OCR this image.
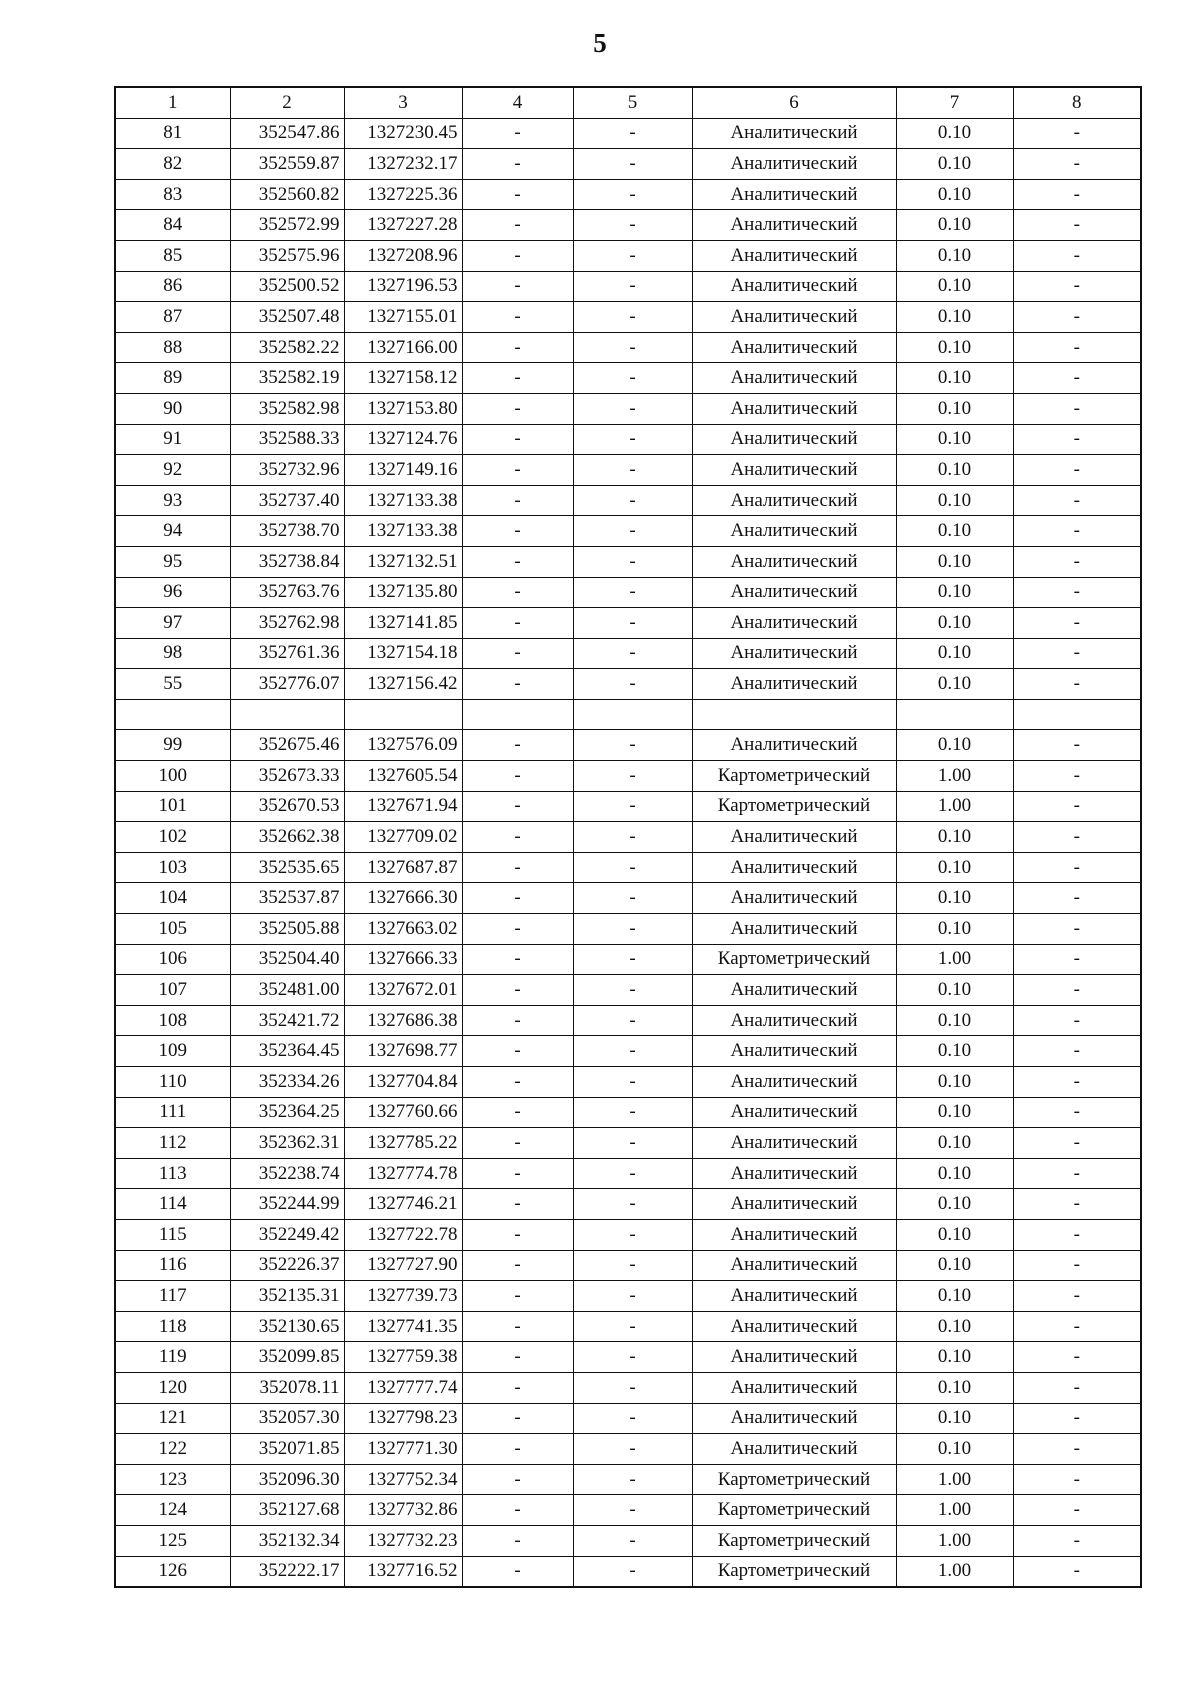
5
1	2	3	4	5	6	7	8
81	352547.86	1327230.45	-	-	Аналитический	0.10	-
82	352559.87	1327232.17	-	-	Аналитический	0.10	-
83	352560.82	1327225.36	-	-	Аналитический	0.10	-
84	352572.99	1327227.28	-	-	Аналитический	0.10	-
85	352575.96	1327208.96	-	-	Аналитический	0.10	-
86	352500.52	1327196.53	-	-	Аналитический	0.10	-
87	352507.48	1327155.01	-	-	Аналитический	0.10	-
88	352582.22	1327166.00	-	-	Аналитический	0.10	-
89	352582.19	1327158.12	-	-	Аналитический	0.10	-
90	352582.98	1327153.80	-	-	Аналитический	0.10	-
91	352588.33	1327124.76	-	-	Аналитический	0.10	-
92	352732.96	1327149.16	-	-	Аналитический	0.10	-
93	352737.40	1327133.38	-	-	Аналитический	0.10	-
94	352738.70	1327133.38	-	-	Аналитический	0.10	-
95	352738.84	1327132.51	-	-	Аналитический	0.10	-
96	352763.76	1327135.80	-	-	Аналитический	0.10	-
97	352762.98	1327141.85	-	-	Аналитический	0.10	-
98	352761.36	1327154.18	-	-	Аналитический	0.10	-
55	352776.07	1327156.42	-	-	Аналитический	0.10	-

99	352675.46	1327576.09	-	-	Аналитический	0.10	-
100	352673.33	1327605.54	-	-	Картометрический	1.00	-
101	352670.53	1327671.94	-	-	Картометрический	1.00	-
102	352662.38	1327709.02	-	-	Аналитический	0.10	-
103	352535.65	1327687.87	-	-	Аналитический	0.10	-
104	352537.87	1327666.30	-	-	Аналитический	0.10	-
105	352505.88	1327663.02	-	-	Аналитический	0.10	-
106	352504.40	1327666.33	-	-	Картометрический	1.00	-
107	352481.00	1327672.01	-	-	Аналитический	0.10	-
108	352421.72	1327686.38	-	-	Аналитический	0.10	-
109	352364.45	1327698.77	-	-	Аналитический	0.10	-
110	352334.26	1327704.84	-	-	Аналитический	0.10	-
111	352364.25	1327760.66	-	-	Аналитический	0.10	-
112	352362.31	1327785.22	-	-	Аналитический	0.10	-
113	352238.74	1327774.78	-	-	Аналитический	0.10	-
114	352244.99	1327746.21	-	-	Аналитический	0.10	-
115	352249.42	1327722.78	-	-	Аналитический	0.10	-
116	352226.37	1327727.90	-	-	Аналитический	0.10	-
117	352135.31	1327739.73	-	-	Аналитический	0.10	-
118	352130.65	1327741.35	-	-	Аналитический	0.10	-
119	352099.85	1327759.38	-	-	Аналитический	0.10	-
120	352078.11	1327777.74	-	-	Аналитический	0.10	-
121	352057.30	1327798.23	-	-	Аналитический	0.10	-
122	352071.85	1327771.30	-	-	Аналитический	0.10	-
123	352096.30	1327752.34	-	-	Картометрический	1.00	-
124	352127.68	1327732.86	-	-	Картометрический	1.00	-
125	352132.34	1327732.23	-	-	Картометрический	1.00	-
126	352222.17	1327716.52	-	-	Картометрический	1.00	-
